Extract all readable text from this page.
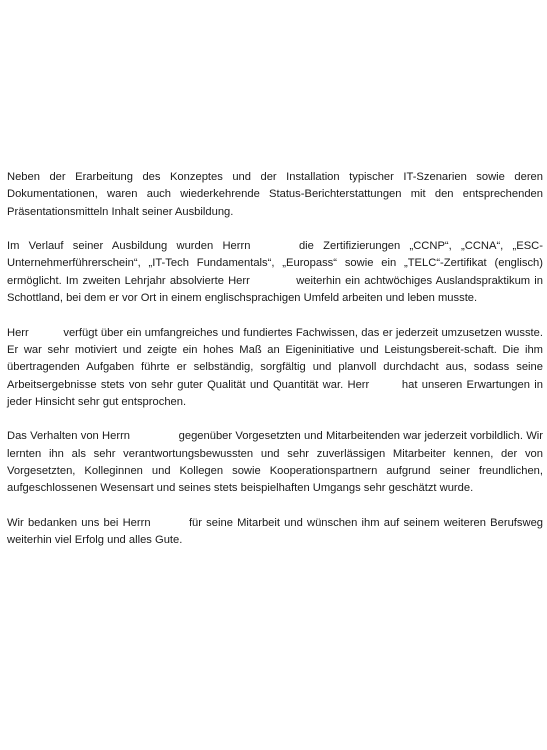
Neben der Erarbeitung des Konzeptes und der Installation typischer IT-Szenarien sowie deren Dokumentationen, waren auch wiederkehrende Status-Berichterstattungen mit den entsprechenden Präsentationsmitteln Inhalt seiner Ausbildung.

Im Verlauf seiner Ausbildung wurden Herrn	die Zertifizierungen „CCNP“, „CCNA“, „ESC-Unternehmerführerschein“, „IT-Tech Fundamentals“, „Europass“ sowie ein „TELC“-Zertifikat (englisch) ermöglicht. Im zweiten Lehrjahr absolvierte Herr	weiterhin ein achtwöchiges Auslandspraktikum in Schottland, bei dem er vor Ort in einem englischsprachigen Umfeld arbeiten und leben musste.

Herr	verfügt über ein umfangreiches und fundiertes Fachwissen, das er jederzeit umzusetzen wusste. Er war sehr motiviert und zeigte ein hohes Maß an Eigeninitiative und Leistungsbereit-schaft. Die ihm übertragenden Aufgaben führte er selbständig, sorgfältig und planvoll durchdacht aus, sodass seine Arbeitsergebnisse stets von sehr guter Qualität und Quantität war. Herr	hat unseren Erwartungen in jeder Hinsicht sehr gut entsprochen.

Das Verhalten von Herrn	gegenüber Vorgesetzten und Mitarbeitenden war jederzeit vorbildlich. Wir lernten ihn als sehr verantwortungsbewussten und sehr zuverlässigen Mitarbeiter kennen, der von Vorgesetzten, Kolleginnen und Kollegen sowie Kooperationspartnern aufgrund seiner freundlichen, aufgeschlossenen Wesensart und seines stets beispielhaften Umgangs sehr geschätzt wurde.

Wir bedanken uns bei Herrn	für seine Mitarbeit und wünschen ihm auf seinem weiteren Berufsweg weiterhin viel Erfolg und alles Gute.
